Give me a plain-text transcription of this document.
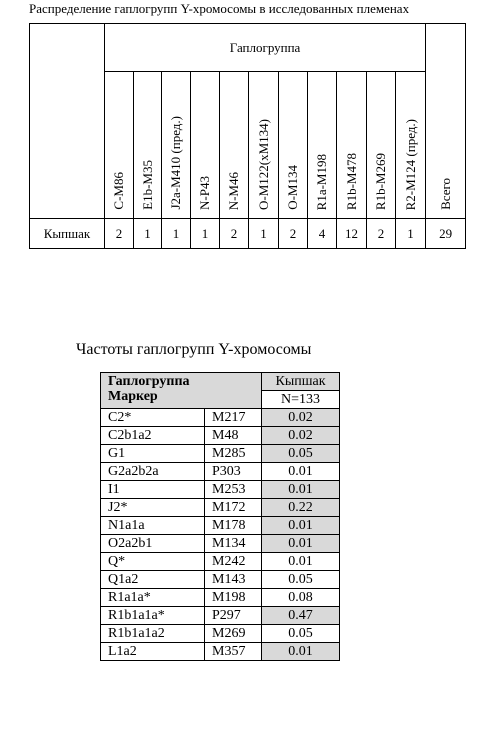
Распределение гаплогрупп Y-хромосомы в исследованных племенах
	Гаплогруппа											Всего
	C-M86	E1b-M35	J2a-M410 (пред.)	N-P43	N-M46	O-M122(xM134)	O-M134	R1a-M198	R1b-M478	R1b-M269	R2-M124 (пред.)	
Кыпшак	2	1	1	1	2	1	2	4	12	2	1	29
Частоты гаплогрупп Y-хромосомы
Гаплогруппа
Маркер		Кыпшак
		N=133
C2*	M217	0.02
C2b1a2	M48	0.02
G1	M285	0.05
G2a2b2a	P303	0.01
I1	M253	0.01
J2*	M172	0.22
N1a1a	M178	0.01
O2a2b1	M134	0.01
Q*	M242	0.01
Q1a2	M143	0.05
R1a1a*	M198	0.08
R1b1a1a*	P297	0.47
R1b1a1a2	M269	0.05
L1a2	M357	0.01
